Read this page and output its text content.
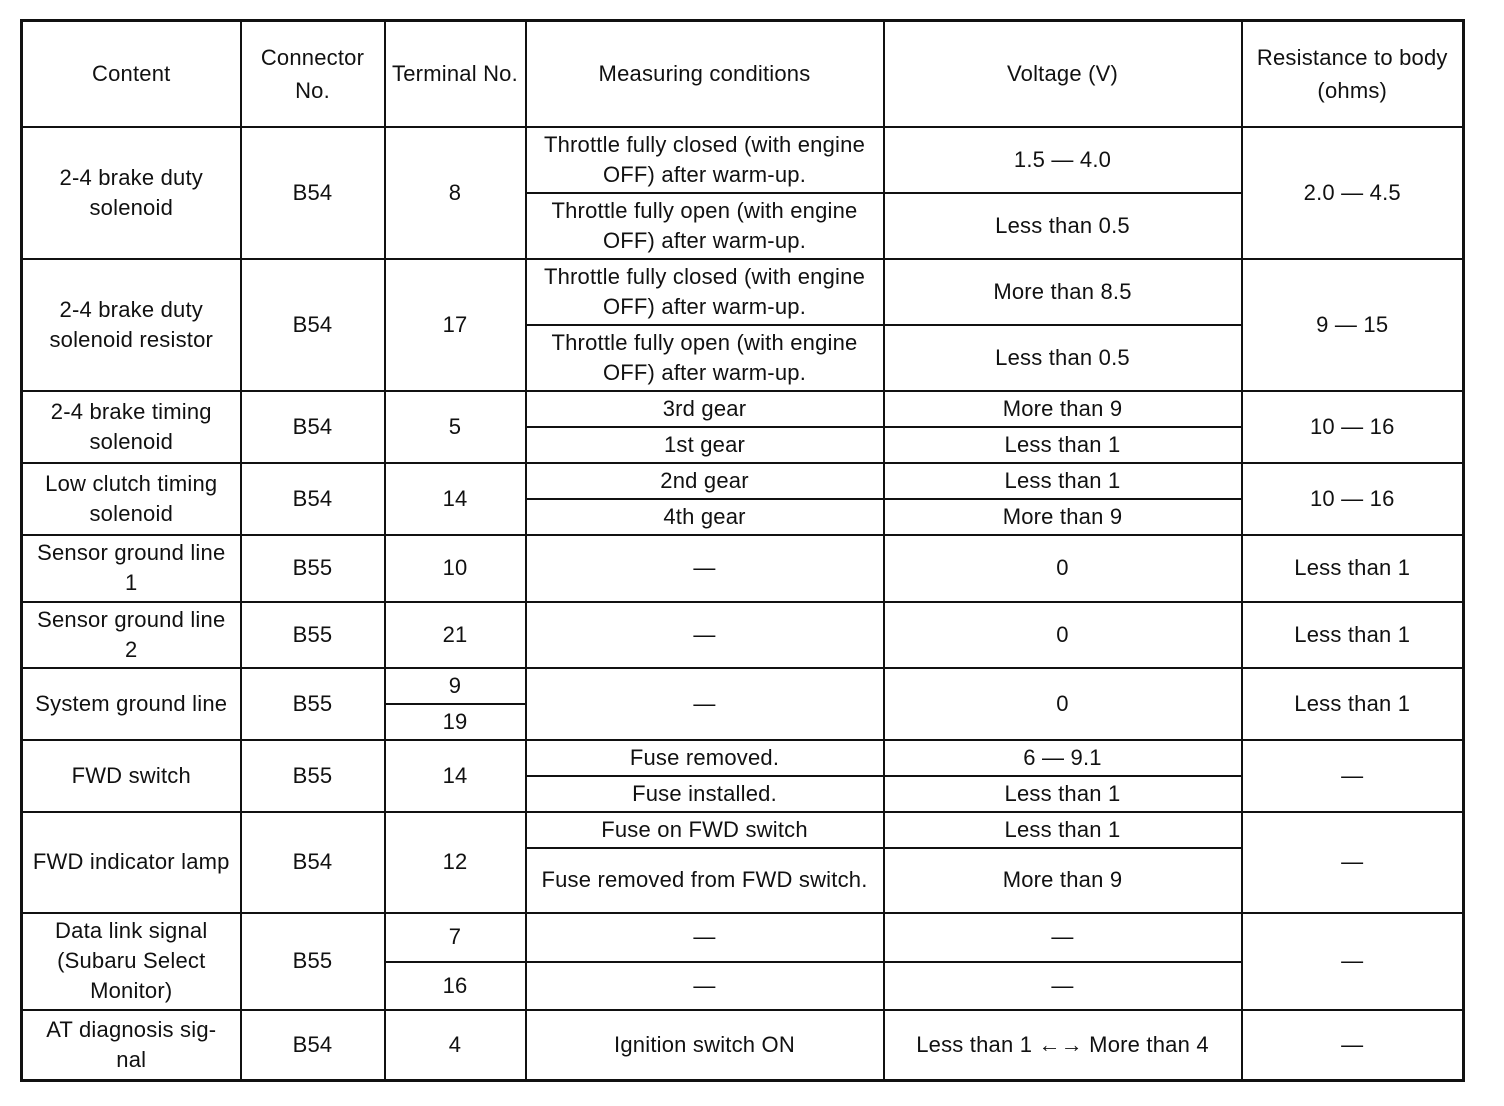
Content	Connector No.	Terminal No.	Measuring conditions	Voltage (V)	Resistance to body (ohms)
2-4 brake duty solenoid	B54	8	Throttle fully closed (with engine OFF) after warm-up.	1.5 — 4.0	2.0 — 4.5
			Throttle fully open (with engine OFF) after warm-up.	Less than 0.5	
2-4 brake duty solenoid resistor	B54	17	Throttle fully closed (with engine OFF) after warm-up.	More than 8.5	9 — 15
			Throttle fully open (with engine OFF) after warm-up.	Less than 0.5	
2-4 brake timing solenoid	B54	5	3rd gear	More than 9	10 — 16
			1st gear	Less than 1	
Low clutch timing solenoid	B54	14	2nd gear	Less than 1	10 — 16
			4th gear	More than 9	
Sensor ground line 1	B55	10	—	0	Less than 1
Sensor ground line 2	B55	21	—	0	Less than 1
System ground line	B55	9	—	0	Less than 1
		19			
FWD switch	B55	14	Fuse removed.	6 — 9.1	—
			Fuse installed.	Less than 1	
FWD indicator lamp	B54	12	Fuse on FWD switch	Less than 1	—
			Fuse removed from FWD switch.	More than 9	
Data link signal (Subaru Select Monitor)	B55	7	—	—	—
		16	—	—	
AT diagnosis sig- nal	B54	4	Ignition switch ON	Less than 1 ←→ More than 4	—
